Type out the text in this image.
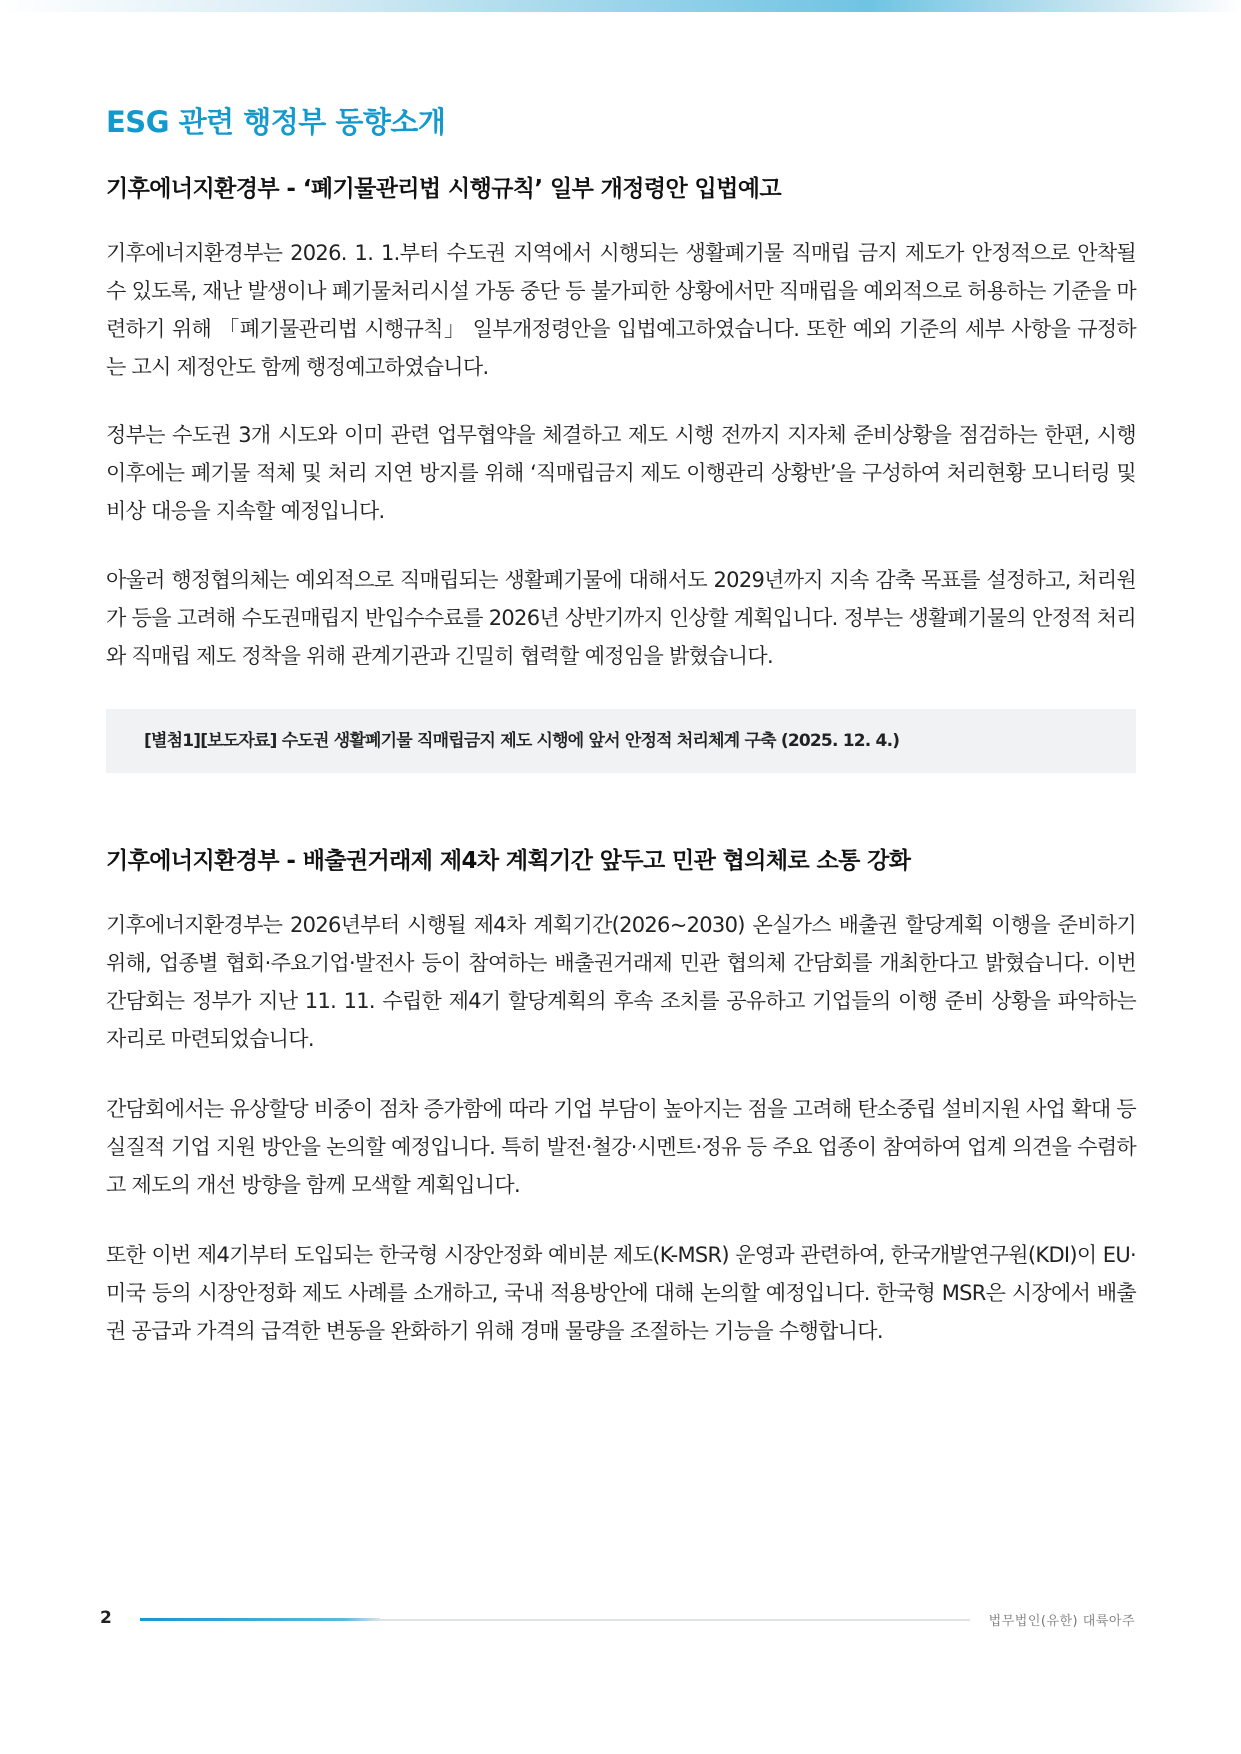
ESG 관련 행정부 동향소개
기후에너지환경부 - ‘폐기물관리법 시행규칙’ 일부 개정령안 입법예고

기후에너지환경부는 2026. 1. 1.부터 수도권 지역에서 시행되는 생활폐기물 직매립 금지 제도가 안정적으로 안착될 수 있도록, 재난 발생이나 폐기물처리시설 가동 중단 등 불가피한 상황에서만 직매립을 예외적으로 허용하는 기준을 마련하기 위해 「폐기물관리법 시행규칙」 일부개정령안을 입법예고하였습니다. 또한 예외 기준의 세부 사항을 규정하는 고시 제정안도 함께 행정예고하였습니다.

정부는 수도권 3개 시도와 이미 관련 업무협약을 체결하고 제도 시행 전까지 지자체 준비상황을 점검하는 한편, 시행 이후에는 폐기물 적체 및 처리 지연 방지를 위해 ‘직매립금지 제도 이행관리 상황반’을 구성하여 처리현황 모니터링 및 비상 대응을 지속할 예정입니다.

아울러 행정협의체는 예외적으로 직매립되는 생활폐기물에 대해서도 2029년까지 지속 감축 목표를 설정하고, 처리원가 등을 고려해 수도권매립지 반입수수료를 2026년 상반기까지 인상할 계획입니다. 정부는 생활폐기물의 안정적 처리와 직매립 제도 정착을 위해 관계기관과 긴밀히 협력할 예정임을 밝혔습니다.

[별첨1][보도자료] 수도권 생활폐기물 직매립금지 제도 시행에 앞서 안정적 처리체계 구축 (2025. 12. 4.)
기후에너지환경부 - 배출권거래제 제4차 계획기간 앞두고 민관 협의체로 소통 강화

기후에너지환경부는 2026년부터 시행될 제4차 계획기간(2026~2030) 온실가스 배출권 할당계획 이행을 준비하기 위해, 업종별 협회·주요기업·발전사 등이 참여하는 배출권거래제 민관 협의체 간담회를 개최한다고 밝혔습니다. 이번 간담회는 정부가 지난 11. 11. 수립한 제4기 할당계획의 후속 조치를 공유하고 기업들의 이행 준비 상황을 파악하는 자리로 마련되었습니다.

간담회에서는 유상할당 비중이 점차 증가함에 따라 기업 부담이 높아지는 점을 고려해 탄소중립 설비지원 사업 확대 등 실질적 기업 지원 방안을 논의할 예정입니다. 특히 발전·철강·시멘트·정유 등 주요 업종이 참여하여 업계 의견을 수렴하고 제도의 개선 방향을 함께 모색할 계획입니다.

또한 이번 제4기부터 도입되는 한국형 시장안정화 예비분 제도(K-MSR) 운영과 관련하여, 한국개발연구원(KDI)이 EU·미국 등의 시장안정화 제도 사례를 소개하고, 국내 적용방안에 대해 논의할 예정입니다. 한국형 MSR은 시장에서 배출권 공급과 가격의 급격한 변동을 완화하기 위해 경매 물량을 조절하는 기능을 수행합니다.

2	법무법인(유한) 대륙아주
